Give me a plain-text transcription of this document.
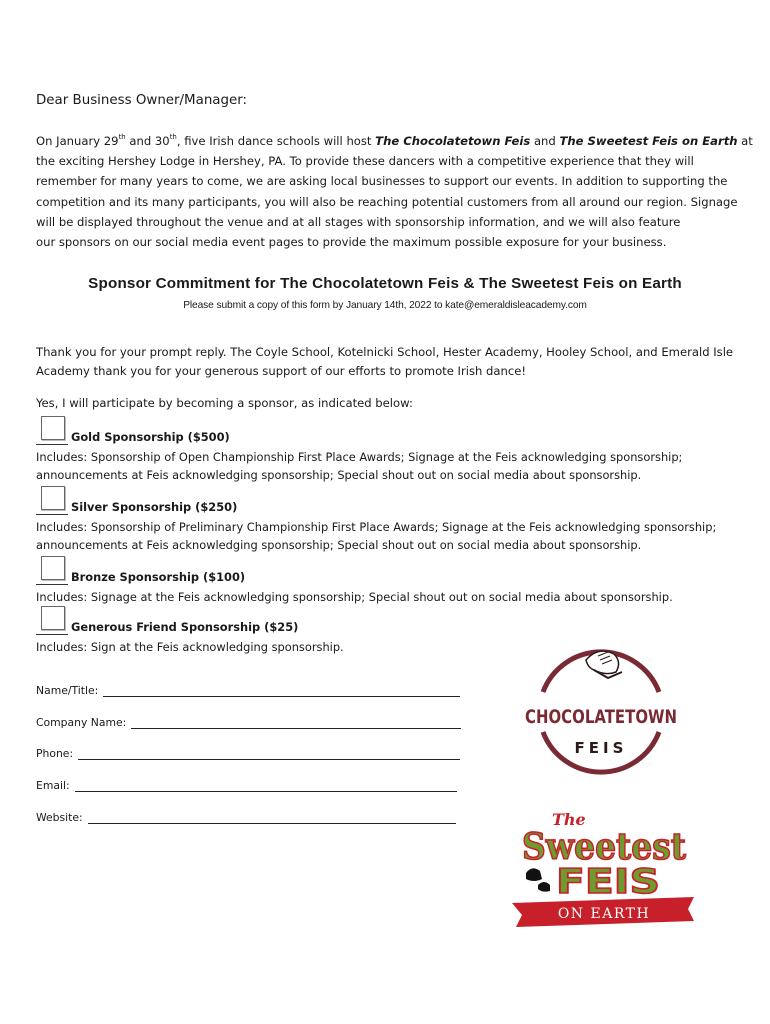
Dear Business Owner/Manager:
On January 29th and 30th, five Irish dance schools will host The Chocolatetown Feis and The Sweetest Feis on Earth at
the exciting Hershey Lodge in Hershey, PA. To provide these dancers with a competitive experience that they will
remember for many years to come, we are asking local businesses to support our events. In addition to supporting the
competition and its many participants, you will also be reaching potential customers from all around our region. Signage
will be displayed throughout the venue and at all stages with sponsorship information, and we will also feature
our sponsors on our social media event pages to provide the maximum possible exposure for your business.
Sponsor Commitment for The Chocolatetown Feis & The Sweetest Feis on Earth
Please submit a copy of this form by January 14th, 2022 to kate@emeraldisleacademy.com
Thank you for your prompt reply. The Coyle School, Kotelnicki School, Hester Academy, Hooley School, and Emerald Isle
Academy thank you for your generous support of our efforts to promote Irish dance!
Yes, I will participate by becoming a sponsor, as indicated below:
Gold Sponsorship ($500)
Includes: Sponsorship of Open Championship First Place Awards; Signage at the Feis acknowledging sponsorship;
announcements at Feis acknowledging sponsorship; Special shout out on social media about sponsorship.
Silver Sponsorship ($250)
Includes: Sponsorship of Preliminary Championship First Place Awards; Signage at the Feis acknowledging sponsorship;
announcements at Feis acknowledging sponsorship; Special shout out on social media about sponsorship.
Bronze Sponsorship ($100)
Includes: Signage at the Feis acknowledging sponsorship; Special shout out on social media about sponsorship.
Generous Friend Sponsorship ($25)
Includes: Sign at the Feis acknowledging sponsorship.
Name/Title:
Company Name:
Phone:
Email:
Website:
CHOCOLATETOWN
FEIS
The
Sweetest
FEIS
ON EARTH
